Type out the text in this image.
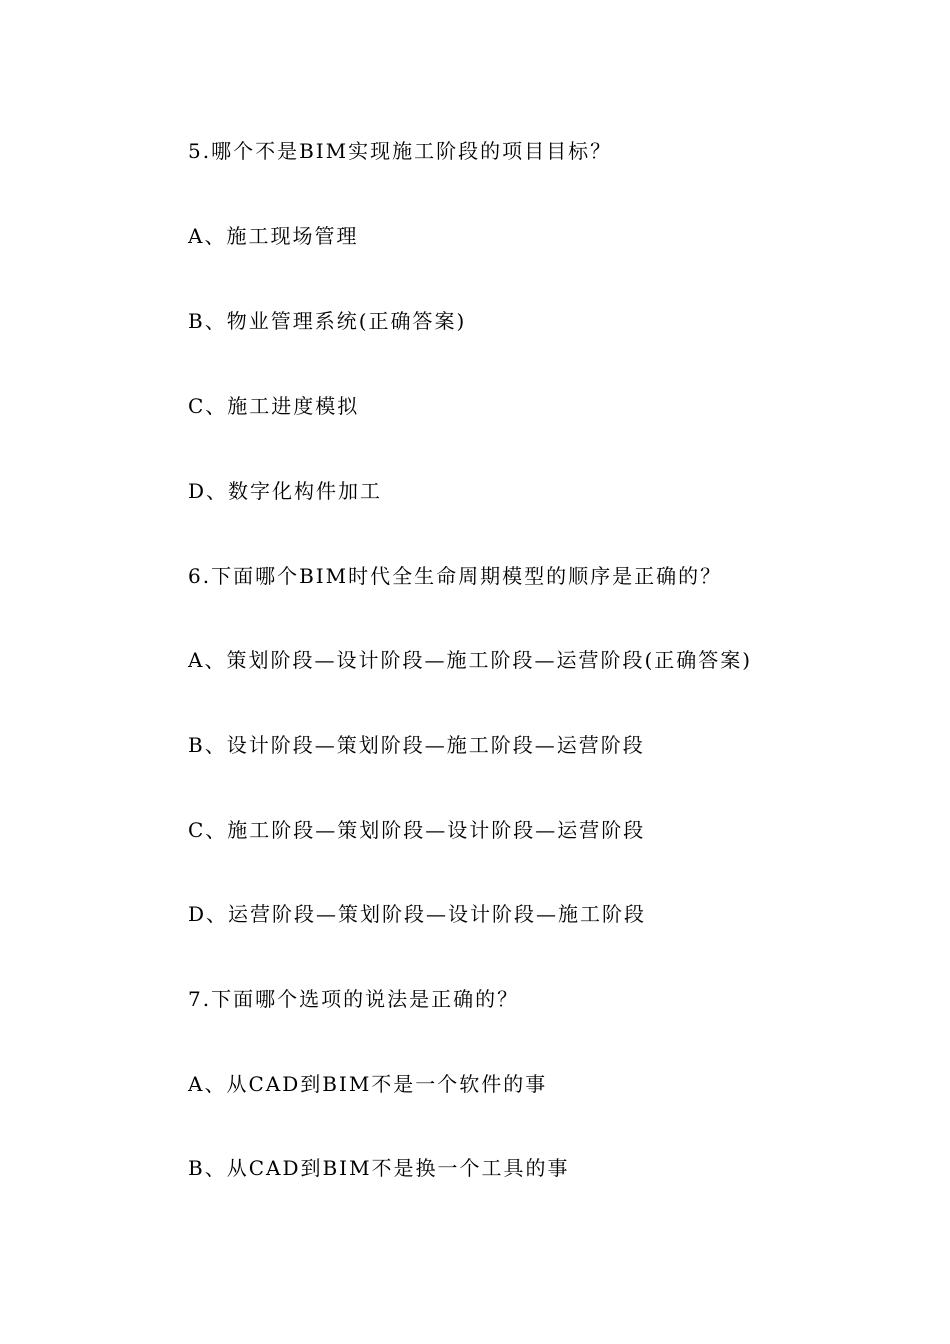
5.哪个不是BIM实现施工阶段的项目目标？
A、施工现场管理
B、物业管理系统(正确答案)
C、施工进度模拟
D、数字化构件加工
6.下面哪个BIM时代全生命周期模型的顺序是正确的？
A、策划阶段—设计阶段—施工阶段—运营阶段(正确答案)
B、设计阶段—策划阶段—施工阶段—运营阶段
C、施工阶段—策划阶段—设计阶段—运营阶段
D、运营阶段—策划阶段—设计阶段—施工阶段
7.下面哪个选项的说法是正确的？
A、从CAD到BIM不是一个软件的事
B、从CAD到BIM不是换一个工具的事
